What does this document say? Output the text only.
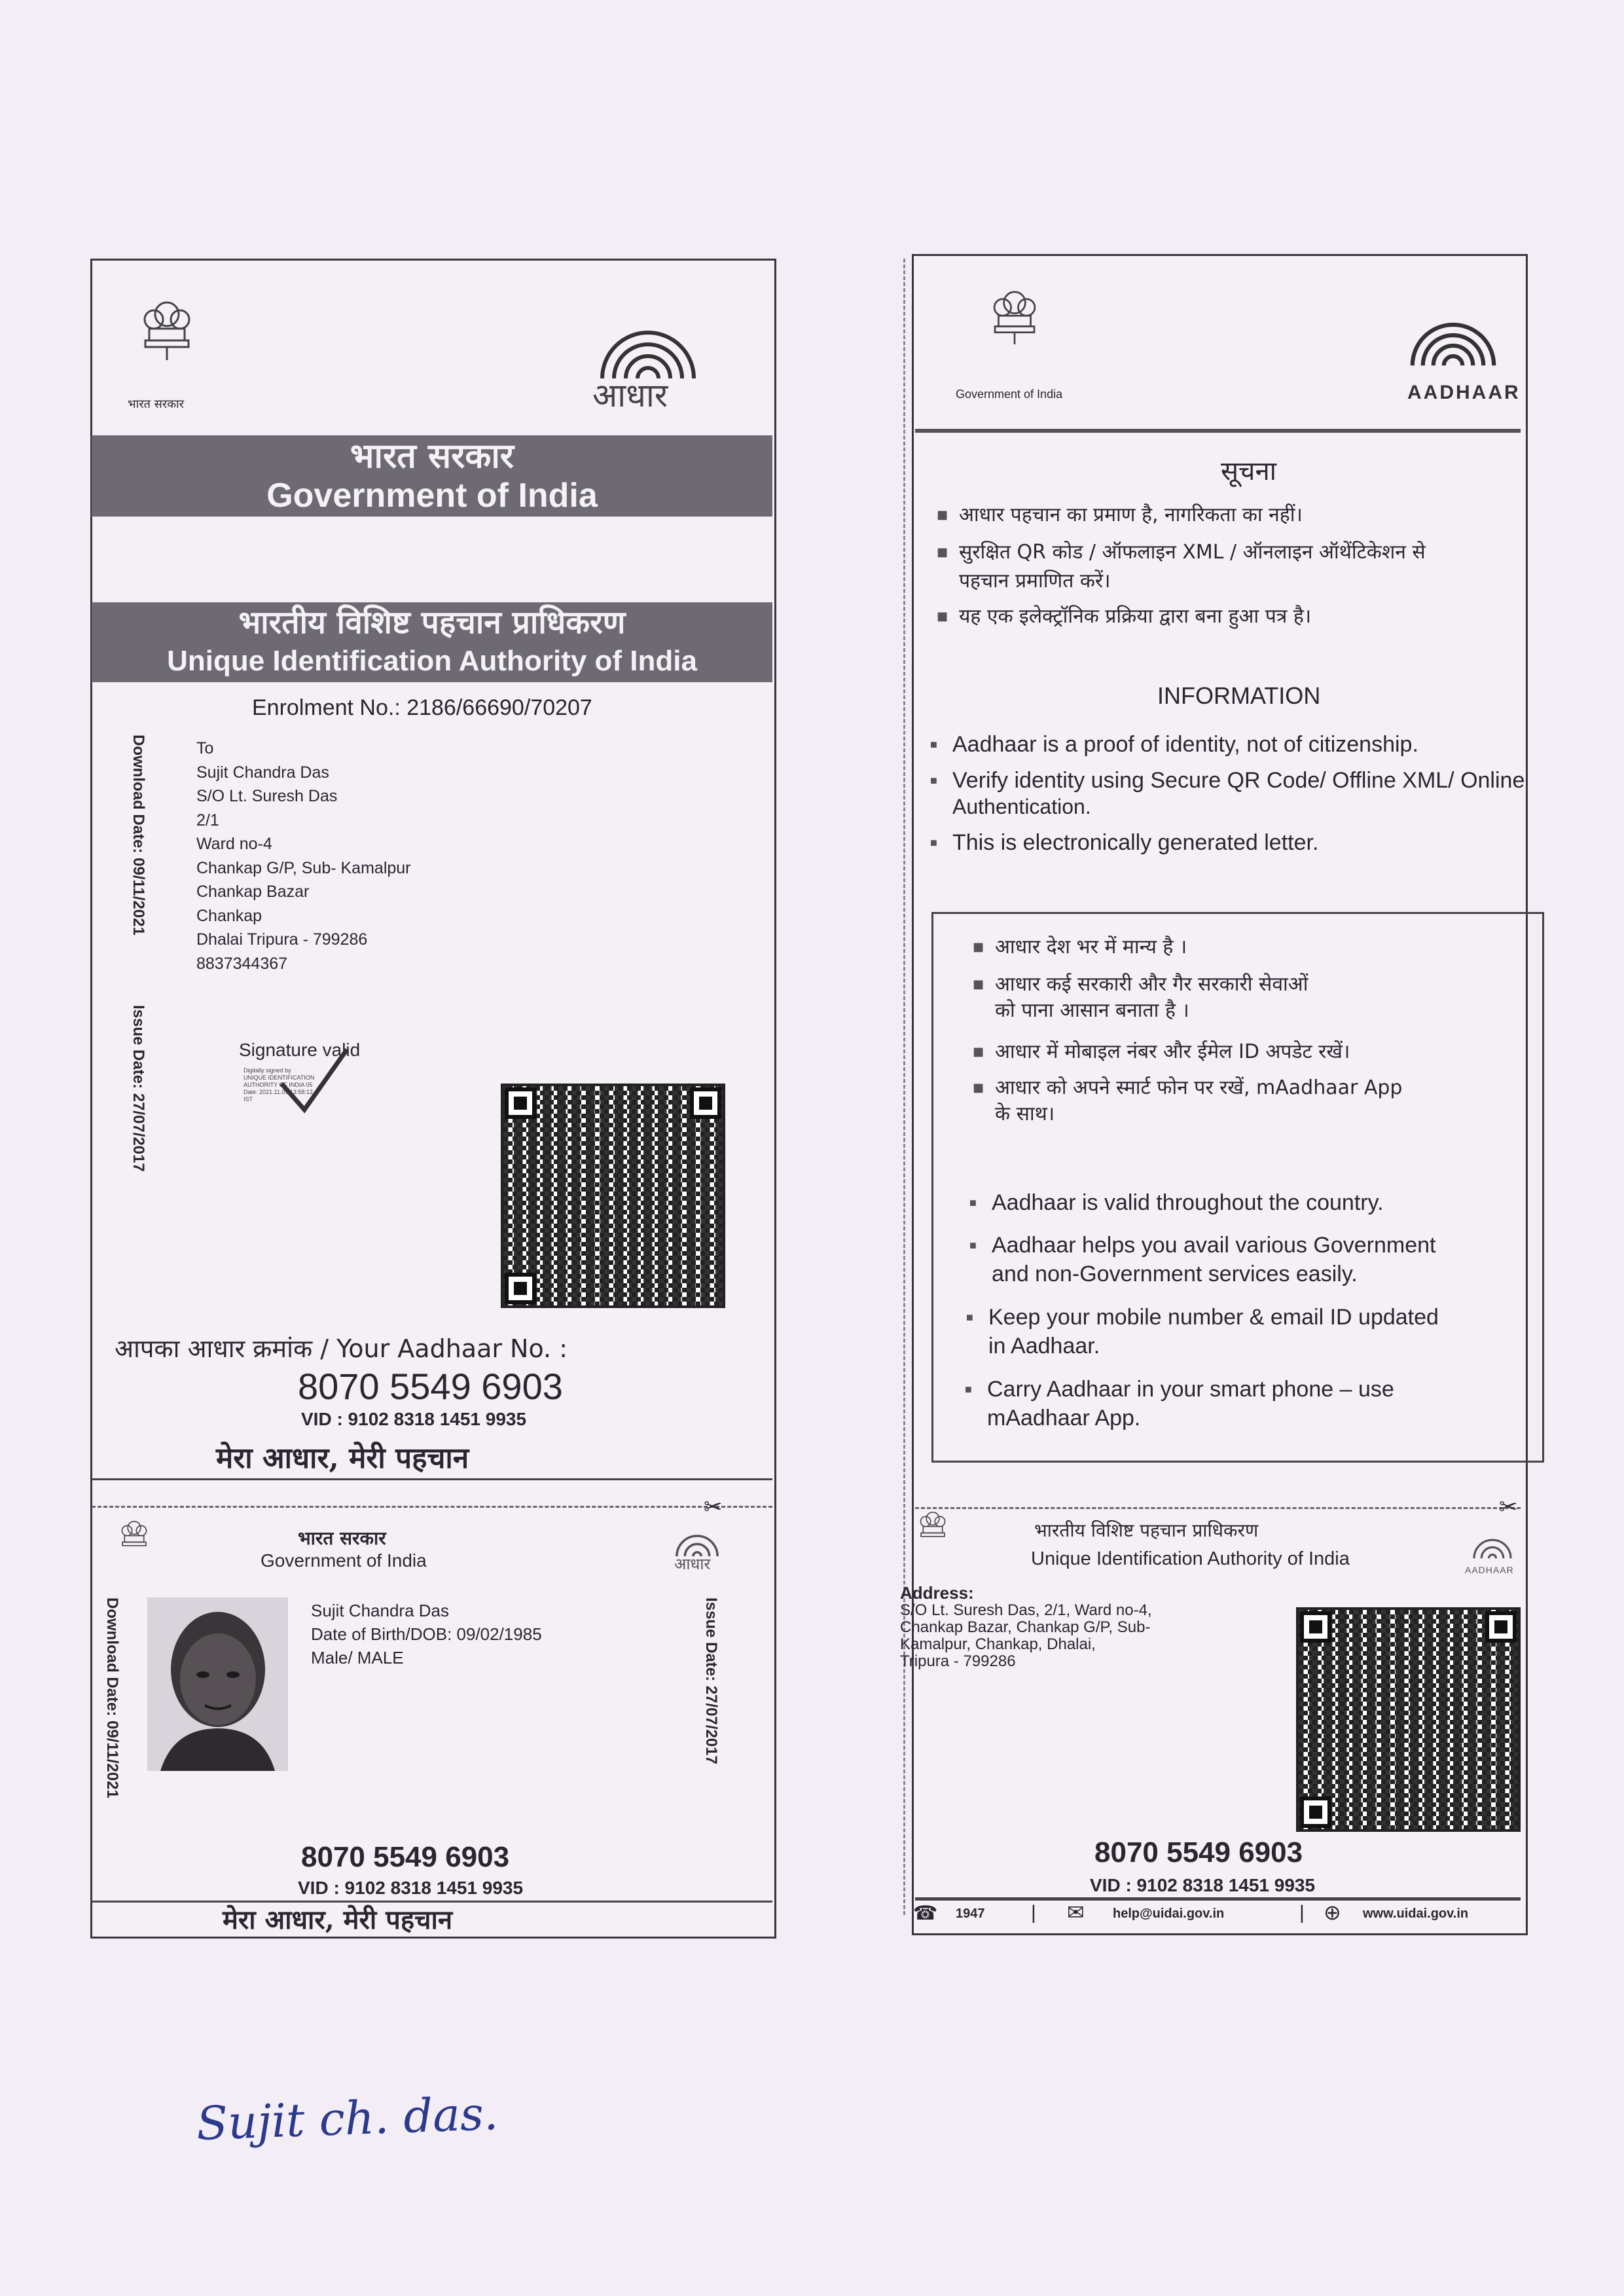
भारत सरकार	आधार
भारत सरकार
Government of India
भारतीय विशिष्ट पहचान प्राधिकरण
Unique Identification Authority of India
Enrolment No.: 2186/66690/70207
Download Date: 09/11/2021
Issue Date: 27/07/2017
To
Sujit Chandra Das
S/O Lt. Suresh Das
2/1
Ward no-4
Chankap G/P, Sub- Kamalpur
Chankap Bazar
Chankap
Dhalai Tripura - 799286
8837344367
Signature valid
Digitally signed by
UNIQUE IDENTIFICATION
AUTHORITY OF INDIA 05
Date: 2021.11.09 13:58:12
IST
आपका आधार क्रमांक / Your Aadhaar No. :
8070 5549 6903
VID : 9102 8318 1451 9935
मेरा आधार, मेरी पहचान
✂
भारत सरकार
Government of India	आधार
Download Date: 09/11/2021	Issue Date: 27/07/2017
Sujit Chandra Das
Date of Birth/DOB: 09/02/1985
Male/ MALE
8070 5549 6903
VID : 9102 8318 1451 9935
मेरा आधार, मेरी पहचान
Government of India	AADHAAR
सूचना
■ आधार पहचान का प्रमाण है, नागरिकता का नहीं।
■ सुरक्षित QR कोड / ऑफलाइन XML / ऑनलाइन ऑथेंटिकेशन से
पहचान प्रमाणित करें।
■ यह एक इलेक्ट्रॉनिक प्रक्रिया द्वारा बना हुआ पत्र है।
INFORMATION
■ Aadhaar is a proof of identity, not of citizenship.
■ Verify identity using Secure QR Code/ Offline XML/ Online
Authentication.
■ This is electronically generated letter.
■ आधार देश भर में मान्य है ।
■ आधार कई सरकारी और गैर सरकारी सेवाओं
को पाना आसान बनाता है ।
■ आधार में मोबाइल नंबर और ईमेल ID अपडेट रखें।
■ आधार को अपने स्मार्ट फोन पर रखें, mAadhaar App
के साथ।
■ Aadhaar is valid throughout the country.
■ Aadhaar helps you avail various Government
and non-Government services easily.
■ Keep your mobile number & email ID updated
in Aadhaar.
■ Carry Aadhaar in your smart phone – use
mAadhaar App.
✂
भारतीय विशिष्ट पहचान प्राधिकरण
Unique Identification Authority of India
AADHAAR
Address:
S/O Lt. Suresh Das, 2/1, Ward no-4,
Chankap Bazar, Chankap G/P, Sub-
Kamalpur, Chankap, Dhalai,
Tripura - 799286
8070 5549 6903
VID : 9102 8318 1451 9935
☎ 1947 | ✉ help@uidai.gov.in	| ⊕ www.uidai.gov.in
Sujit ch. das.
